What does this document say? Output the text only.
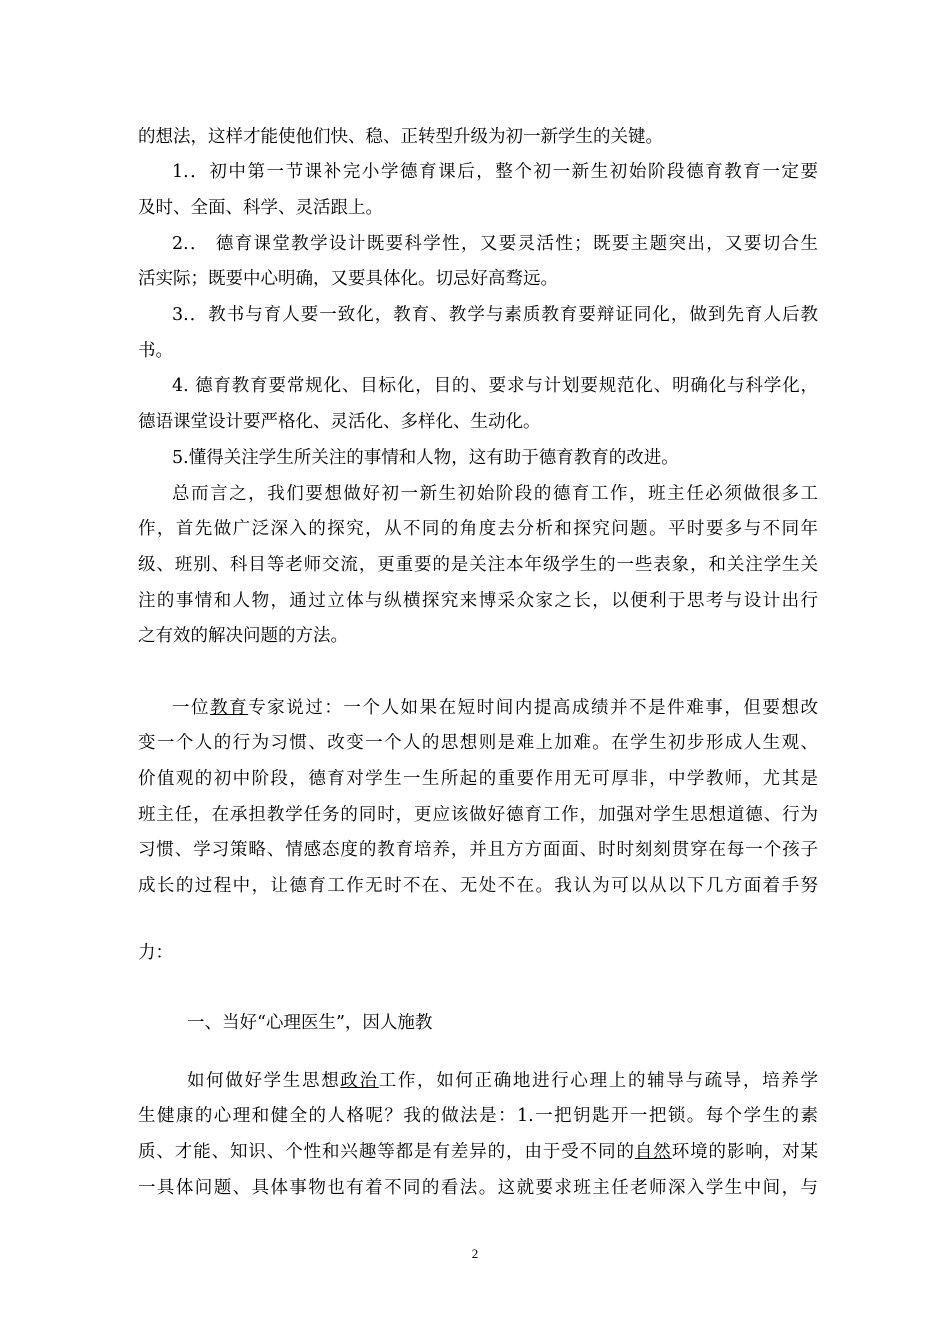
的想法，这样才能使他们快、稳、正转型升级为初一新学生的关键。
1.．初中第一节课补完小学德育课后，整个初一新生初始阶段德育教育一定要
及时、全面、科学、灵活跟上。
2.． 德育课堂教学设计既要科学性，又要灵活性；既要主题突出，又要切合生
活实际；既要中心明确，又要具体化。切忌好高骛远。
3.．教书与育人要一致化，教育、教学与素质教育要辩证同化，做到先育人后教
书。
4. 德育教育要常规化、目标化，目的、要求与计划要规范化、明确化与科学化，
德语课堂设计要严格化、灵活化、多样化、生动化。
5.懂得关注学生所关注的事情和人物，这有助于德育教育的改进。
总而言之，我们要想做好初一新生初始阶段的德育工作，班主任必须做很多工
作，首先做广泛深入的探究，从不同的角度去分析和探究问题。平时要多与不同年
级、班别、科目等老师交流，更重要的是关注本年级学生的一些表象，和关注学生关
注的事情和人物，通过立体与纵横探究来博采众家之长，以便利于思考与设计出行
之有效的解决问题的方法。
一位教育专家说过：一个人如果在短时间内提高成绩并不是件难事，但要想改
变一个人的行为习惯、改变一个人的思想则是难上加难。在学生初步形成人生观、
价值观的初中阶段，德育对学生一生所起的重要作用无可厚非，中学教师，尤其是
班主任，在承担教学任务的同时，更应该做好德育工作，加强对学生思想道德、行为
习惯、学习策略、情感态度的教育培养，并且方方面面、时时刻刻贯穿在每一个孩子
成长的过程中，让德育工作无时不在、无处不在。我认为可以从以下几方面着手努
力：
一、当好“心理医生”，因人施教
如何做好学生思想政治工作，如何正确地进行心理上的辅导与疏导，培养学
生健康的心理和健全的人格呢？我的做法是：1.一把钥匙开一把锁。每个学生的素
质、才能、知识、个性和兴趣等都是有差异的，由于受不同的自然环境的影响，对某
一具体问题、具体事物也有着不同的看法。这就要求班主任老师深入学生中间，与
2
